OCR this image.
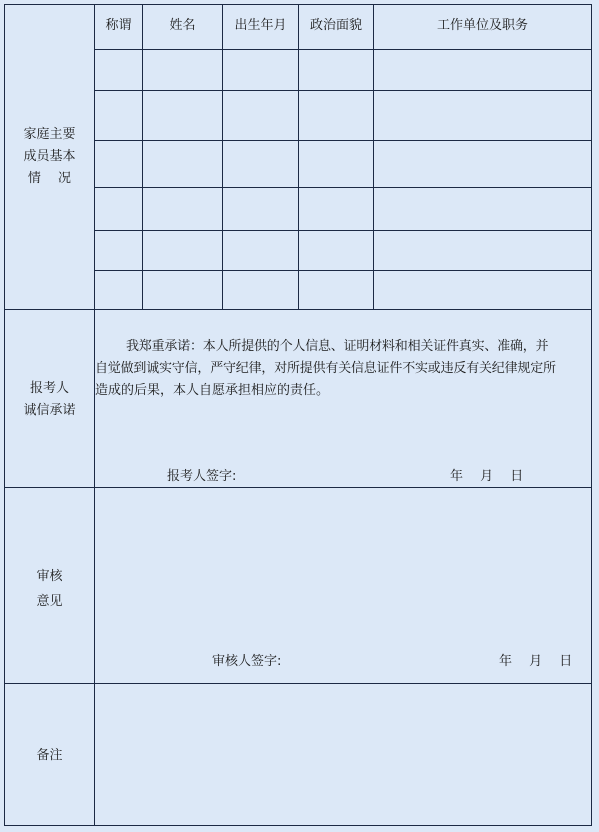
家庭主要
成员基本
情　 况
称谓	姓名	出生年月	政治面貌	工作单位及职务
报考人
诚信承诺

我郑重承诺：本人所提供的个人信息、证明材料和相关证件真实、准确，并

自觉做到诚实守信，严守纪律，对所提供有关信息证件不实或违反有关纪律规定所

造成的后果，本人自愿承担相应的责任。

报考人签字:	年　 月　 日
审核
意见
审核人签字:	年　 月　 日
备注
